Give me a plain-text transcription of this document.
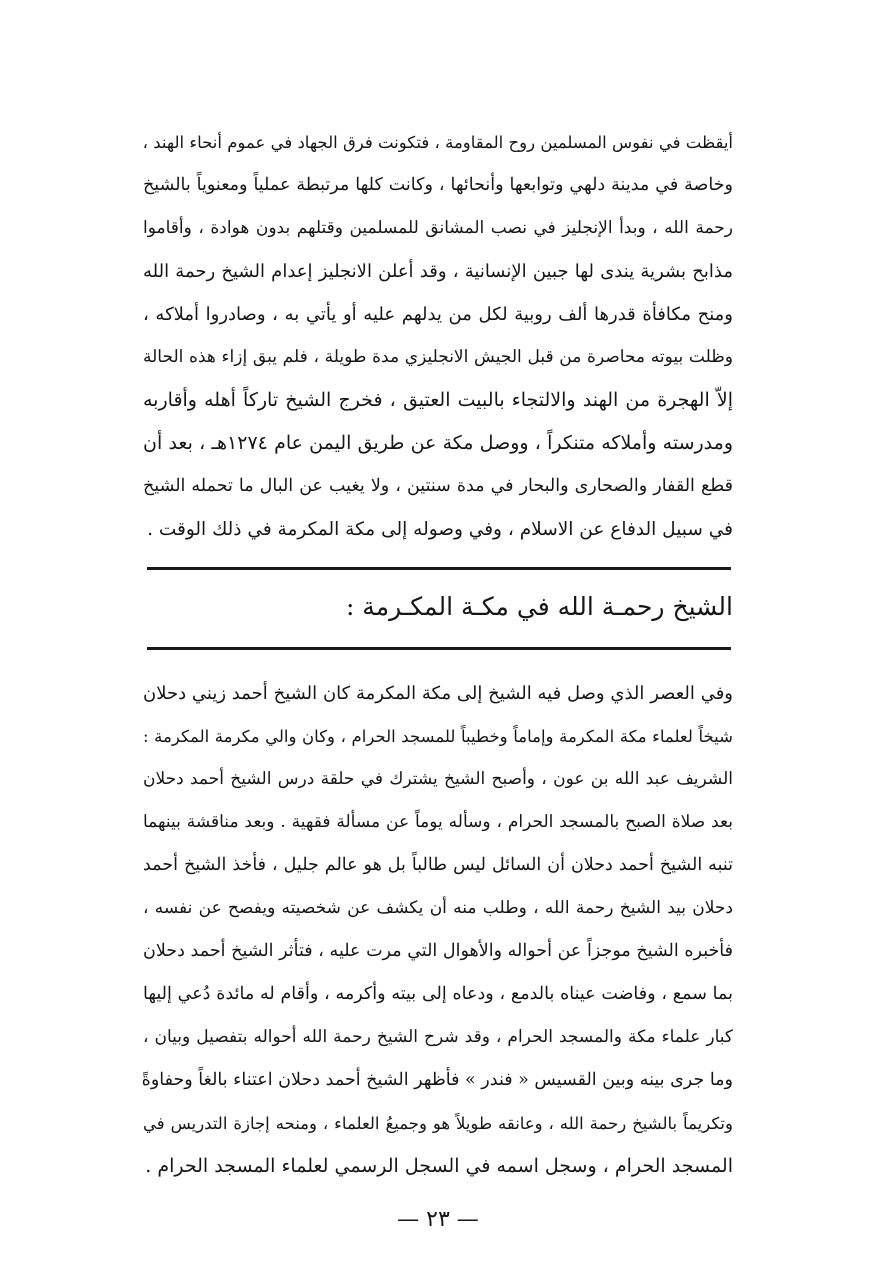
أيقظت في نفوس المسلمين روح المقاومة ، فتكونت فرق الجهاد في عموم أنحاء الهند ،
وخاصة في مدينة دلهي وتوابعها وأنحائها ، وكانت كلها مرتبطة عملياً ومعنوياً بالشيخ
رحمة الله ، وبدأ الإنجليز في نصب المشانق للمسلمين وقتلهم بدون هوادة ، وأقاموا
مذابح بشرية يندى لها جبين الإنسانية ، وقد أعلن الانجليز إعدام الشيخ رحمة الله
ومنح مكافأة قدرها ألف روبية لكل من يدلهم عليه أو يأتي به ، وصادروا أملاكه ،
وظلت بيوته محاصرة من قبل الجيش الانجليزي مدة طويلة ، فلم يبق إزاء هذه الحالة
إلاّ الهجرة من الهند والالتجاء بالبيت العتيق ، فخرج الشيخ تاركاً أهله وأقاربه
ومدرسته وأملاكه متنكراً ، ووصل مكة عن طريق اليمن عام ١٢٧٤هـ ، بعد أن
قطع القفار والصحارى والبحار في مدة سنتين ، ولا يغيب عن البال ما تحمله الشيخ
في سبيل الدفاع عن الاسلام ، وفي وصوله إلى مكة المكرمة في ذلك الوقت .
الشيخ رحمـة الله في مكـة المكـرمة :
وفي العصر الذي وصل فيه الشيخ إلى مكة المكرمة كان الشيخ أحمد زيني دحلان
شيخاً لعلماء مكة المكرمة وإماماً وخطيباً للمسجد الحرام ، وكان والي مكرمة المكرمة :
الشريف عبد الله بن عون ، وأصبح الشيخ يشترك في حلقة درس الشيخ أحمد دحلان
بعد صلاة الصبح بالمسجد الحرام ، وسأله يوماً عن مسألة فقهية . وبعد مناقشة بينهما
تنبه الشيخ أحمد دحلان أن السائل ليس طالباً بل هو عالم جليل ، فأخذ الشيخ أحمد
دحلان بيد الشيخ رحمة الله ، وطلب منه أن يكشف عن شخصيته ويفصح عن نفسه ،
فأخبره الشيخ موجزاً عن أحواله والأهوال التي مرت عليه ، فتأثر الشيخ أحمد دحلان
بما سمع ، وفاضت عيناه بالدمع ، ودعاه إلى بيته وأكرمه ، وأقام له مائدة دُعي إليها
كبار علماء مكة والمسجد الحرام ، وقد شرح الشيخ رحمة الله أحواله بتفصيل وبيان ،
وما جرى بينه وبين القسيس « فندر » فأظهر الشيخ أحمد دحلان اعتناء بالغاً وحفاوةً
وتكريماً بالشيخ رحمة الله ، وعانقه طويلاً هو وجميعُ العلماء ، ومنحه إجازة التدريس في
المسجد الحرام ، وسجل اسمه في السجل الرسمي لعلماء المسجد الحرام .
— ٢٣ —
